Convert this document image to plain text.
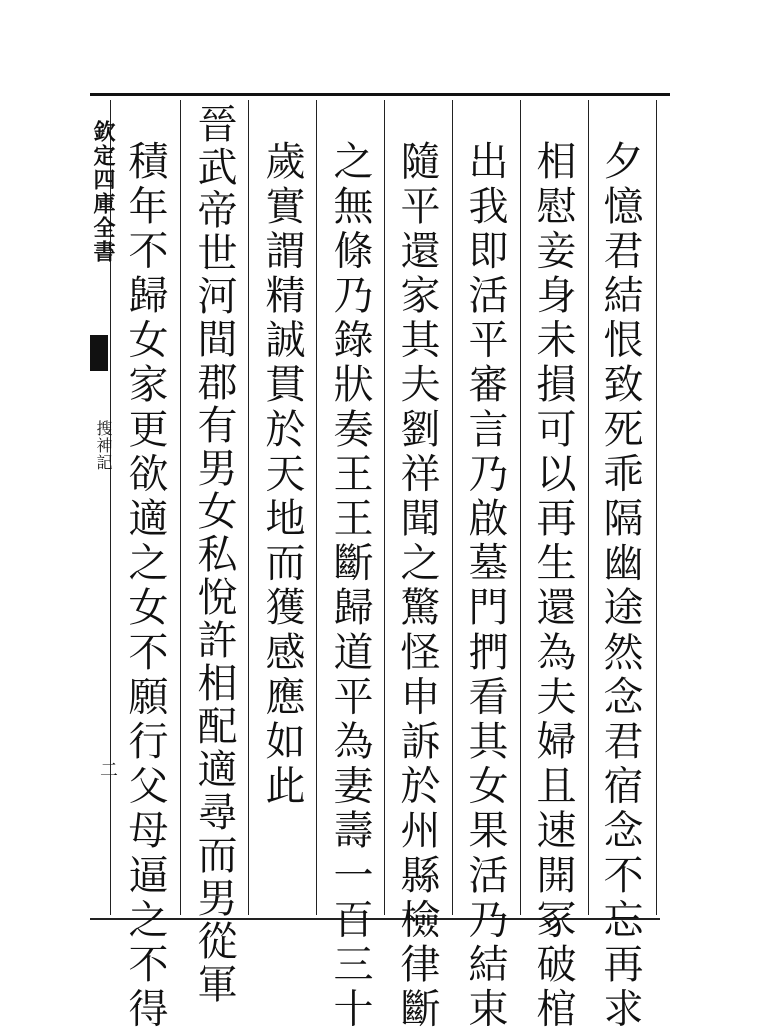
欽定四庫全書
搜神記
二	夕憶君結恨致死乖隔幽途然念君宿念不忘再求
相慰妾身未損可以再生還為夫婦且速開冢破棺
出我即活平審言乃啟墓門捫看其女果活乃結束
隨平還家其夫劉祥聞之驚怪申訴於州縣檢律斷
之無條乃錄狀奏王王斷歸道平為妻壽一百三十
歲實謂精誠貫於天地而獲感應如此
晉武帝世河間郡有男女私悅許相配適尋而男從軍
積年不歸女家更欲適之女不願行父母逼之不得
